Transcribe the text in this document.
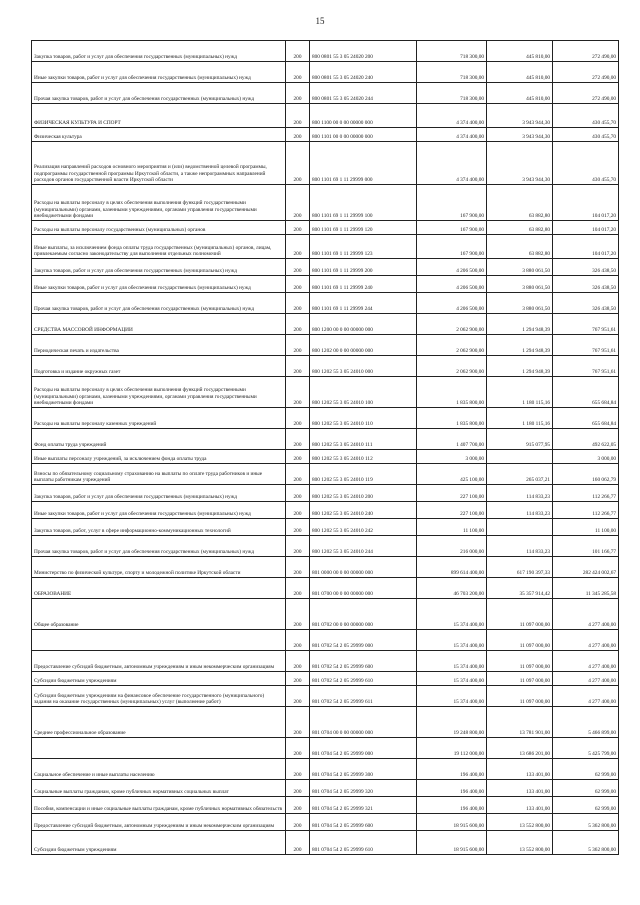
15
Закупка товаров, работ и услуг для обеспечения государственных (муниципальных) нужд	200	800 0801 55 3 05 24020 200	718 300,00	445 810,00	272 490,00
Иные закупки товаров, работ и услуг для обеспечения государственных (муниципальных) нужд	200	800 0801 55 3 05 24020 240	718 300,00	445 810,00	272 490,00
Прочая закупка товаров, работ и услуг для обеспечения государственных (муниципальных) нужд	200	800 0801 55 3 05 24020 244	718 300,00	445 810,00	272 490,00
ФИЗИЧЕСКАЯ КУЛЬТУРА И СПОРТ	200	800 1100 00 0 00 00000 000	4 374 400,00	3 943 944,30	430 455,70
Физическая культура	200	800 1101 00 0 00 00000 000	4 374 400,00	3 943 944,30	430 455,70
Реализация направлений расходов основного мероприятия и (или) ведомственной целевой программы, подпрограммы государственной программы Иркутской области, а также непрограммных направлений расходов органов государственной власти Иркутской области	200	800 1101 69 1 11 29999 000	4 374 400,00	3 943 944,30	430 455,70
Расходы на выплаты персоналу в целях обеспечения выполнения функций государственными (муниципальными) органами, казенными учреждениями, органами управления государственными внебюджетными фондами	200	800 1101 69 1 11 29999 100	167 900,00	63 882,80	104 017,20
Расходы на выплаты персоналу государственных (муниципальных) органов	200	800 1101 69 1 11 29999 120	167 900,00	63 882,80	104 017,20
Иные выплаты, за исключением фонда оплаты труда государственных (муниципальных) органов, лицам, привлекаемым согласно законодательству для выполнения отдельных полномочий	200	800 1101 69 1 11 29999 123	167 900,00	63 882,80	104 017,20
Закупка товаров, работ и услуг для обеспечения государственных (муниципальных) нужд	200	800 1101 69 1 11 29999 200	4 206 500,00	3 880 061,50	326 438,50
Иные закупки товаров, работ и услуг для обеспечения государственных (муниципальных) нужд	200	800 1101 69 1 11 29999 240	4 206 500,00	3 880 061,50	326 438,50
Прочая закупка товаров, работ и услуг для обеспечения государственных (муниципальных) нужд	200	800 1101 69 1 11 29999 244	4 206 500,00	3 880 061,50	326 438,50
СРЕДСТВА МАССОВОЙ ИНФОРМАЦИИ	200	800 1200 00 0 00 00000 000	2 062 900,00	1 294 948,39	767 951,61
Периодическая печать и издательства	200	800 1202 00 0 00 00000 000	2 062 900,00	1 294 948,39	767 951,61
Подготовка и издание окружных газет	200	800 1202 55 3 05 24010 000	2 062 900,00	1 294 948,39	767 951,61
Расходы на выплаты персоналу в целях обеспечения выполнения функций государственными (муниципальными) органами, казенными учреждениями, органами управления государственными внебюджетными фондами	200	800 1202 55 3 05 24010 100	1 835 800,00	1 180 115,16	655 684,84
Расходы на выплаты персоналу казенных учреждений	200	800 1202 55 3 05 24010 110	1 835 800,00	1 180 115,16	655 684,84
Фонд оплаты труда учреждений	200	800 1202 55 3 05 24010 111	1 407 700,00	915 077,95	492 622,05
Иные выплаты персоналу учреждений, за исключением фонда оплаты труда	200	800 1202 55 3 05 24010 112	3 000,00		3 000,00
Взносы по обязательному социальному страхованию на выплаты по оплате труда работников и иные выплаты работникам учреждений	200	800 1202 55 3 05 24010 119	425 100,00	265 037,21	160 062,79
Закупка товаров, работ и услуг для обеспечения государственных (муниципальных) нужд	200	800 1202 55 3 05 24010 200	227 100,00	114 833,23	112 266,77
Иные закупки товаров, работ и услуг для обеспечения государственных (муниципальных) нужд	200	800 1202 55 3 05 24010 240	227 100,00	114 833,23	112 266,77
Закупка товаров, работ, услуг в сфере информационно-коммуникационных технологий	200	800 1202 55 3 05 24010 242	11 100,00		11 100,00
Прочая закупка товаров, работ и услуг для обеспечения государственных (муниципальных) нужд	200	800 1202 55 3 05 24010 244	216 000,00	114 833,23	101 166,77
Министерство по физической культуре, спорту и молодежной политике Иркутской области	200	801 0000 00 0 00 00000 000	899 614 400,00	617 190 397,33	282 424 002,67
ОБРАЗОВАНИЕ	200	801 0700 00 0 00 00000 000	46 703 200,00	35 357 914,42	11 345 285,58
Общее образование	200	801 0702 00 0 00 00000 000	15 374 400,00	11 097 000,00	4 277 400,00
	200	801 0702 54 2 05 29999 000	15 374 400,00	11 097 000,00	4 277 400,00
Предоставление субсидий бюджетным, автономным учреждениям и иным некоммерческим организациям	200	801 0702 54 2 05 29999 600	15 374 400,00	11 097 000,00	4 277 400,00
Субсидии бюджетным учреждениям	200	801 0702 54 2 05 29999 610	15 374 400,00	11 097 000,00	4 277 400,00
Субсидии бюджетным учреждениям на финансовое обеспечение государственного (муниципального) задания на оказание государственных (муниципальных) услуг (выполнение работ)	200	801 0702 54 2 05 29999 611	15 374 400,00	11 097 000,00	4 277 400,00
Среднее профессиональное образование	200	801 0704 00 0 00 00000 000	19 248 800,00	13 781 901,00	5 466 899,00
	200	801 0704 54 2 05 29999 000	19 112 000,00	13 686 201,00	5 425 799,00
Социальное обеспечение и иные выплаты населению	200	801 0704 54 2 05 29999 300	196 400,00	133 401,00	62 999,00
Социальные выплаты гражданам, кроме публичных нормативных социальных выплат	200	801 0704 54 2 05 29999 320	196 400,00	133 401,00	62 999,00
Пособия, компенсации и иные социальные выплаты гражданам, кроме публичных нормативных обязательств	200	801 0704 54 2 05 29999 321	196 400,00	133 401,00	62 999,00
Предоставление субсидий бюджетным, автономным учреждениям и иным некоммерческим организациям	200	801 0704 54 2 05 29999 600	18 915 600,00	13 552 800,00	5 362 800,00
Субсидии бюджетным учреждениям	200	801 0704 54 2 05 29999 610	18 915 600,00	13 552 800,00	5 362 800,00
